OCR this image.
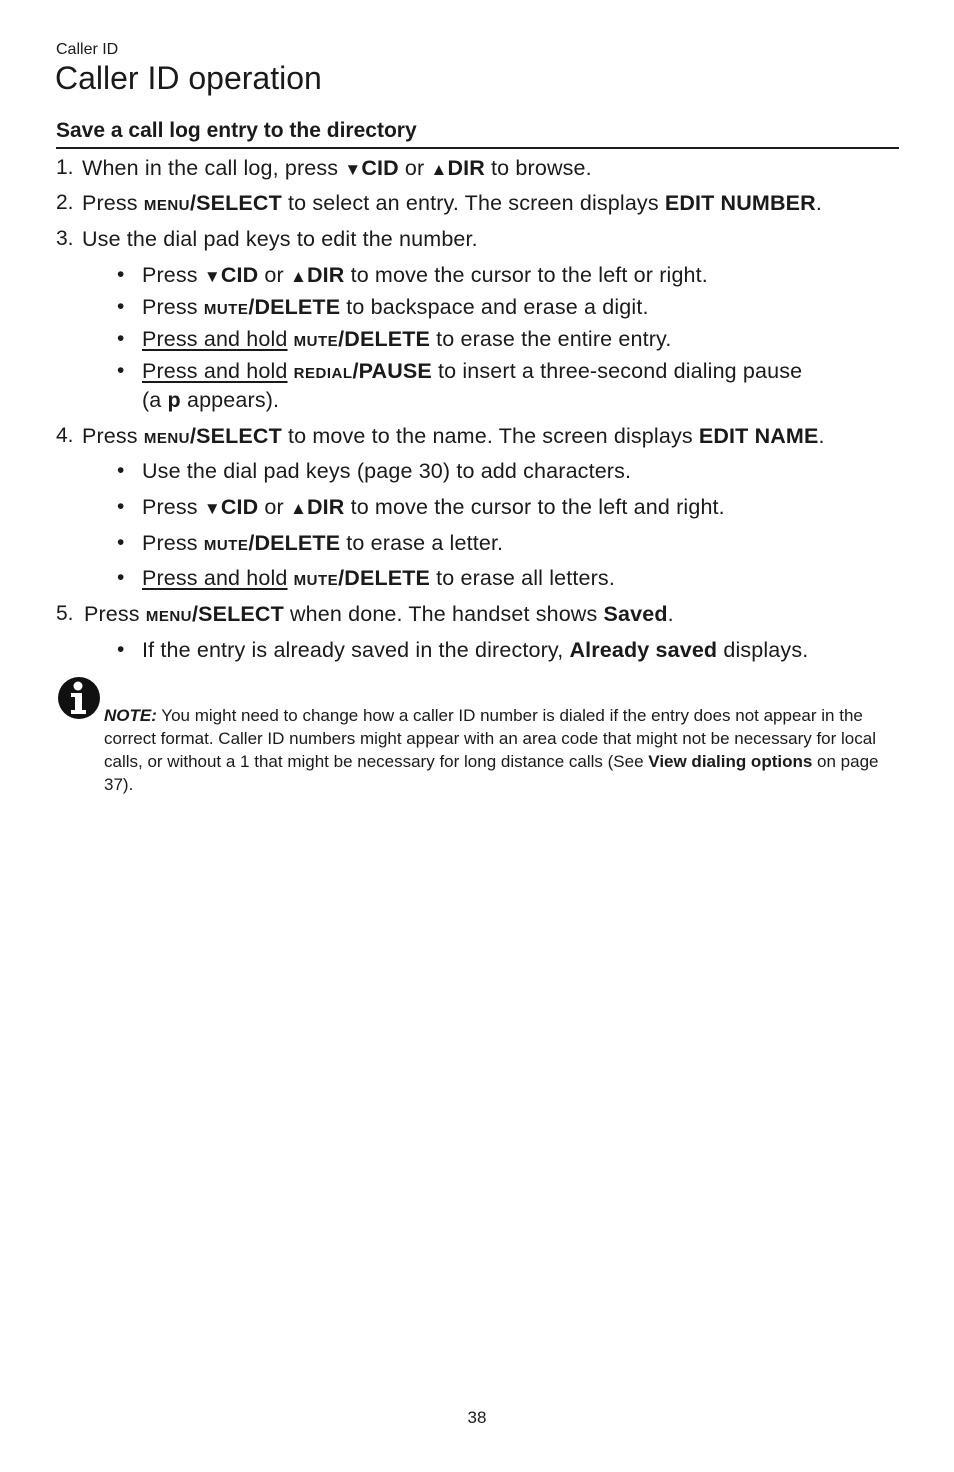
Caller ID
Caller ID operation
Save a call log entry to the directory
1. When in the call log, press ▼CID or ▲DIR to browse.
2. Press MENU/SELECT to select an entry. The screen displays EDIT NUMBER.
3. Use the dial pad keys to edit the number.
• Press ▼CID or ▲DIR to move the cursor to the left or right.
• Press MUTE/DELETE to backspace and erase a digit.
• Press and hold MUTE/DELETE to erase the entire entry.
• Press and hold REDIAL/PAUSE to insert a three-second dialing pause
(a p appears).
4. Press MENU/SELECT to move to the name. The screen displays EDIT NAME.
• Use the dial pad keys (page 30) to add characters.
• Press ▼CID or ▲DIR to move the cursor to the left and right.
• Press MUTE/DELETE to erase a letter.
• Press and hold MUTE/DELETE to erase all letters.
5. Press MENU/SELECT when done. The handset shows Saved.
• If the entry is already saved in the directory, Already saved displays.
NOTE: You might need to change how a caller ID number is dialed if the entry does not appear in the correct format. Caller ID numbers might appear with an area code that might not be necessary for local calls, or without a 1 that might be necessary for long distance calls (See View dialing options on page 37).
38
